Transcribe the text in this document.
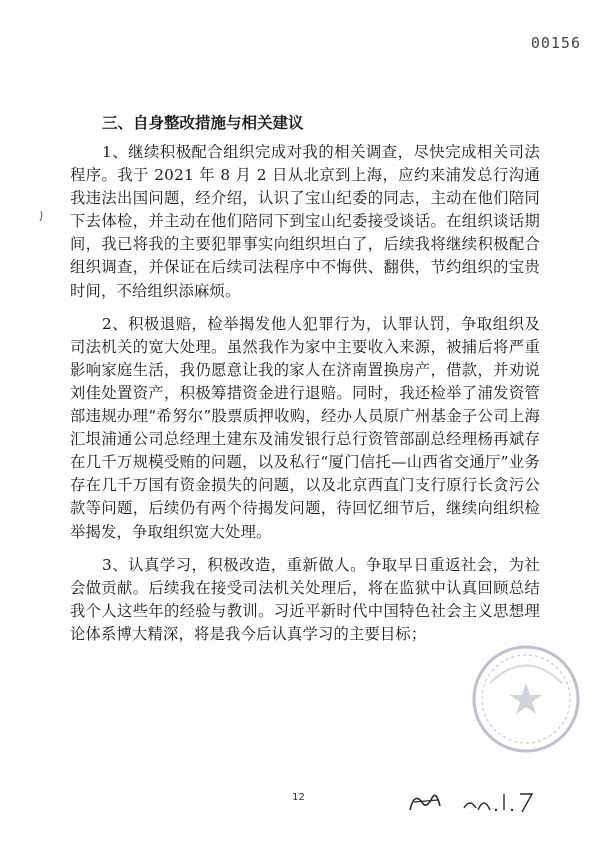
00156
三、自身整改措施与相关建议

1、继续积极配合组织完成对我的相关调查，尽快完成相关司法程序。我于 2021 年 8 月 2 日从北京到上海，应约来浦发总行沟通我违法出国问题，经介绍，认识了宝山纪委的同志，主动在他们陪同下去体检，并主动在他们陪同下到宝山纪委接受谈话。在组织谈话期间，我已将我的主要犯罪事实向组织坦白了，后续我将继续积极配合组织调查，并保证在后续司法程序中不悔供、翻供，节约组织的宝贵时间，不给组织添麻烦。

2、积极退赔，检举揭发他人犯罪行为，认罪认罚，争取组织及司法机关的宽大处理。虽然我作为家中主要收入来源，被捕后将严重影响家庭生活，我仍愿意让我的家人在济南置换房产，借款，并劝说刘佳处置资产，积极筹措资金进行退赔。同时，我还检举了浦发资管部违规办理“希努尔”股票质押收购，经办人员原广州基金子公司上海汇垠浦通公司总经理土建东及浦发银行总行资管部副总经理杨再斌存在几千万规模受贿的问题，以及私行“厦门信托—山西省交通厅”业务存在几千万国有资金损失的问题，以及北京西直门支行原行长贪污公款等问题，后续仍有两个待揭发问题，待回忆细节后，继续向组织检举揭发，争取组织宽大处理。

3、认真学习，积极改造，重新做人。争取早日重返社会，为社会做贡献。后续我在接受司法机关处理后，将在监狱中认真回顾总结我个人这些年的经验与教训。习近平新时代中国特色社会主义思想理论体系博大精深，将是我今后认真学习的主要目标；

12
